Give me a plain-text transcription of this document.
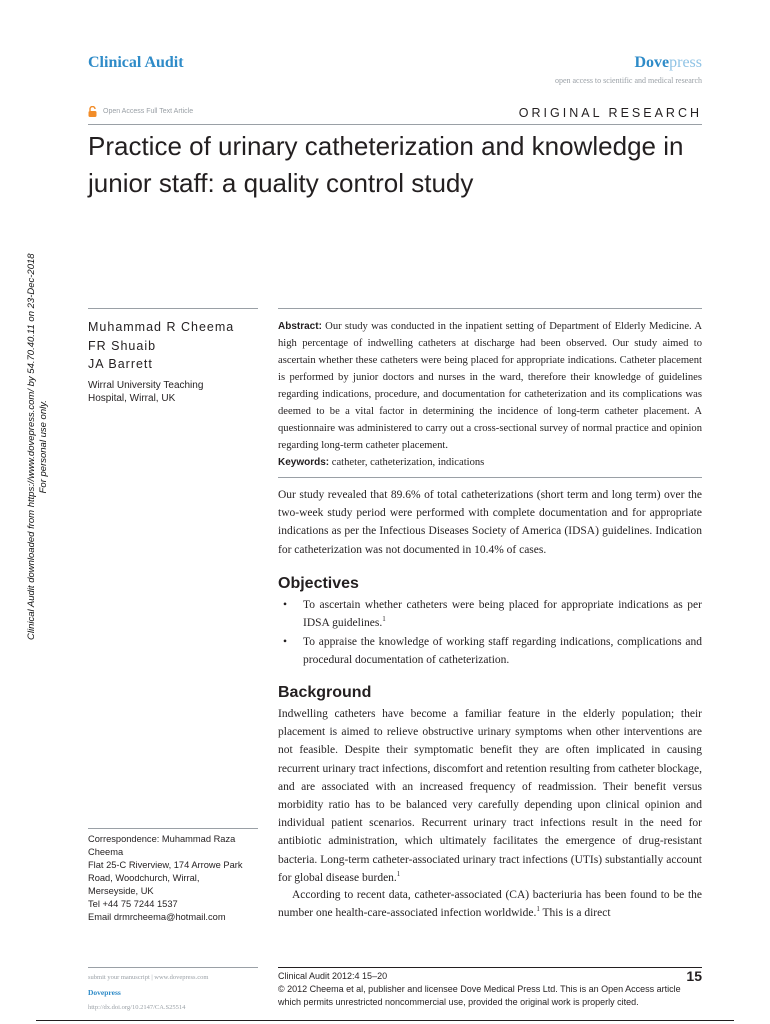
Clinical Audit	Dovepress
open access to scientific and medical research
Open Access Full Text Article	ORIGINAL RESEARCH
Practice of urinary catheterization and knowledge in junior staff: a quality control study
Clinical Audit downloaded from https://www.dovepress.com/ by 54.70.40.11 on 23-Dec-2018 For personal use only.
Muhammad R Cheema
FR Shuaib
JA Barrett
Wirral University Teaching
Hospital, Wirral, UK

Abstract: Our study was conducted in the inpatient setting of Department of Elderly Medicine. A high percentage of indwelling catheters at discharge had been observed. Our study aimed to ascertain whether these catheters were being placed for appropriate indications. Catheter placement is performed by junior doctors and nurses in the ward, therefore their knowledge of guidelines regarding indications, procedure, and documentation for catheterization and its complications was deemed to be a vital factor in determining the incidence of long-term catheter placement. A questionnaire was administered to carry out a cross-sectional survey of normal practice and opinion regarding long-term catheter placement.

Keywords: catheter, catheterization, indications

Our study revealed that 89.6% of total catheterizations (short term and long term) over the two-week study period were performed with complete documentation and for appropriate indications as per the Infectious Diseases Society of America (IDSA) guidelines. Indication for catheterization was not documented in 10.4% of cases.

Objectives
• To ascertain whether catheters were being placed for appropriate indications as per IDSA guidelines.$^1$
• To appraise the knowledge of working staff regarding indications, complications and procedural documentation of catheterization.
Background

Indwelling catheters have become a familiar feature in the elderly population; their placement is aimed to relieve obstructive urinary symptoms when other interventions are not feasible. Despite their symptomatic benefit they are often implicated in causing recurrent urinary tract infections, discomfort and retention resulting from catheter blockage, and are associated with an increased frequency of readmission. Their benefit versus morbidity ratio has to be balanced very carefully depending upon clinical opinion and individual patient scenarios. Recurrent urinary tract infections result in the need for antibiotic administration, which ultimately facilitates the emergence of drug-resistant bacteria. Long-term catheter-associated urinary tract infections (UTIs) substantially account for global disease burden.$^1$

According to recent data, catheter-associated (CA) bacteriuria has been found to be the number one health-care-associated infection worldwide.$^1$ This is a direct

Correspondence: Muhammad Raza
Cheema
Flat 25-C Riverview, 174 Arrowe Park
Road, Woodchurch, Wirral,
Merseyside, UK
Tel +44 75 7244 1537
Email drmrcheema@hotmail.com
submit your manuscript | www.dovepress.com
Dovepress
http://dx.doi.org/10.2147/CA.S25514
Clinical Audit 2012:4 15–20
© 2012 Cheema et al, publisher and licensee Dove Medical Press Ltd. This is an Open Access article which permits unrestricted noncommercial use, provided the original work is properly cited.
15
